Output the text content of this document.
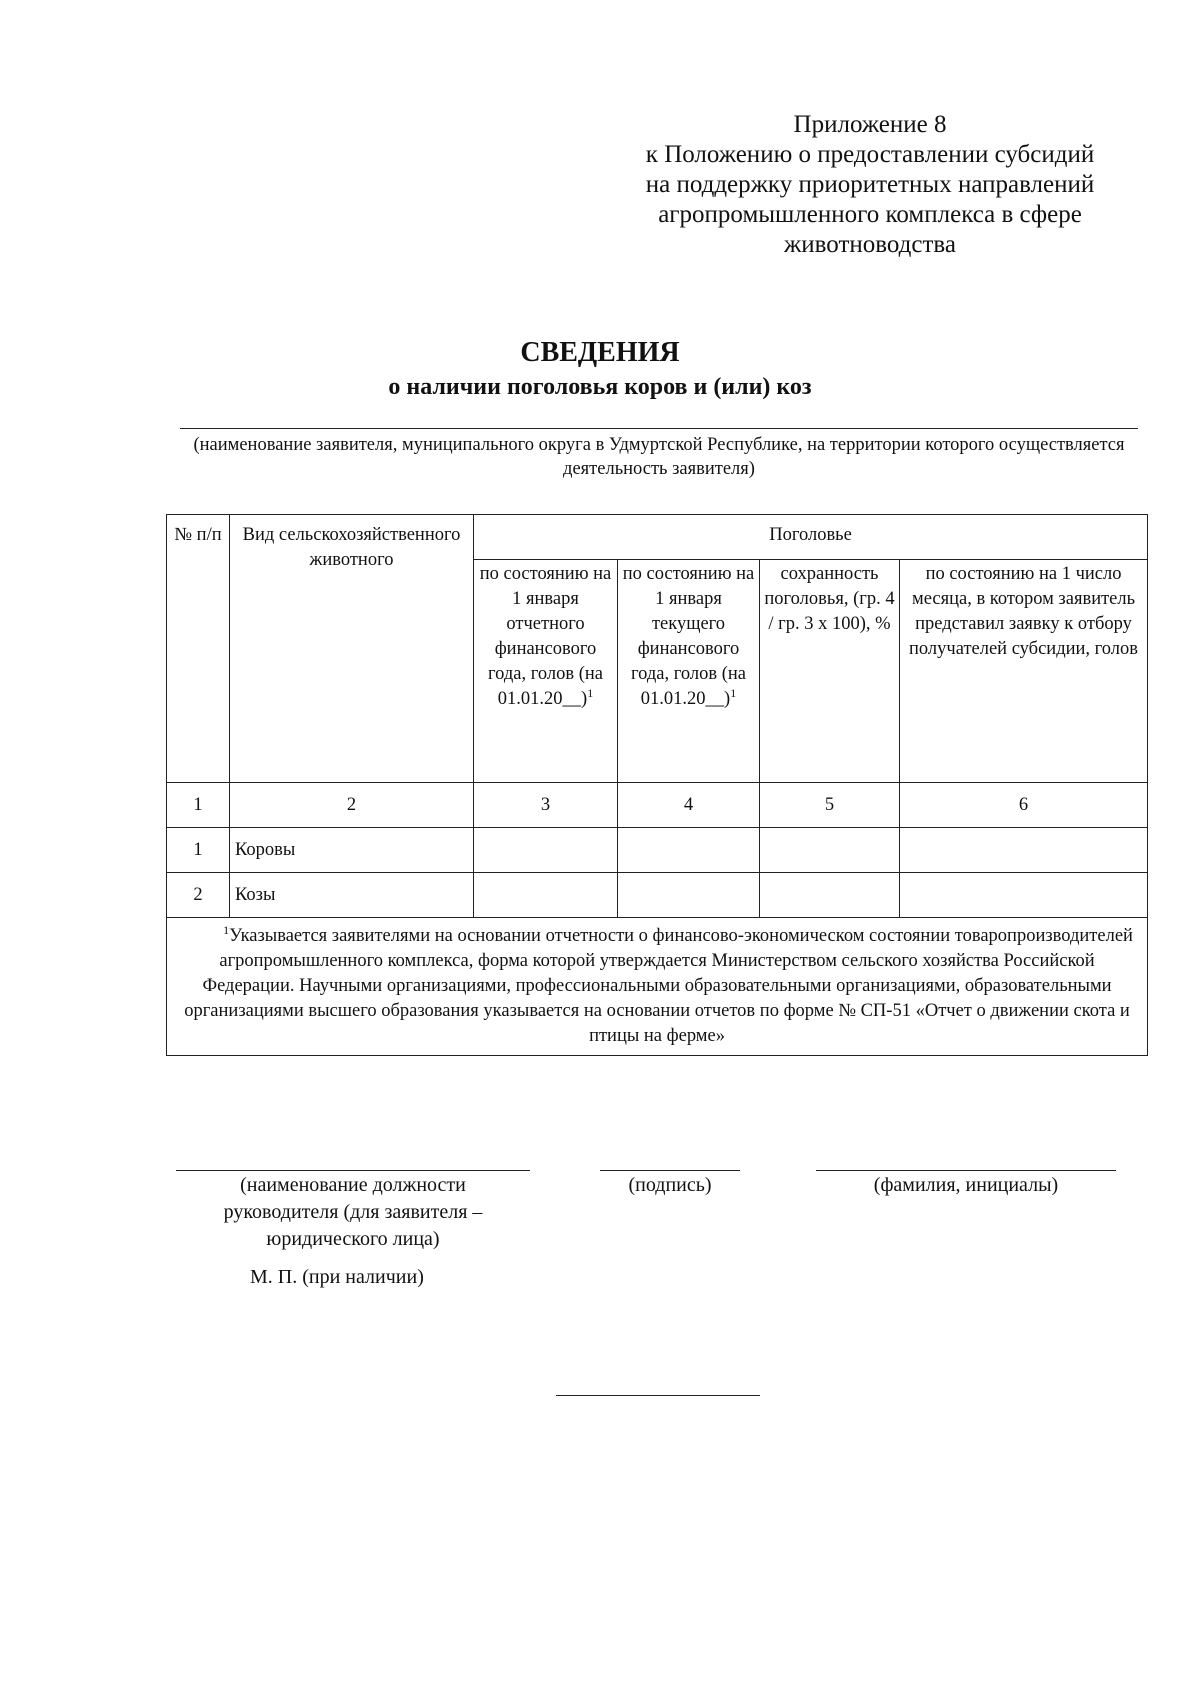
Приложение 8
к Положению о предоставлении субсидий
на поддержку приоритетных направлений
агропромышленного комплекса в сфере
животноводства
СВЕДЕНИЯ
о наличии поголовья коров и (или) коз
(наименование заявителя, муниципального округа в Удмуртской Республике, на территории которого осуществляется деятельность заявителя)
№ п/п	Вид сельскохозяйственного животного	Поголовье			
		по состоянию на 1 января отчетного финансового года, голов (на 01.01.20__)$^1$	по состоянию на 1 января текущего финансового года, голов (на 01.01.20__)$^1$	сохранность поголовья, (гр. 4 / гр. 3 х 100), %	по состоянию на 1 число месяца, в котором заявитель представил заявку к отбору получателей субсидии, голов
1	2	3	4	5	6
1	Коровы				
2	Козы				

$^1$Указывается заявителями на основании отчетности о финансово-экономическом состоянии товаропроизводителей агропромышленного комплекса, форма которой утверждается Министерством сельского хозяйства Российской Федерации. Научными организациями, профессиональными образовательными организациями, образовательными организациями высшего образования указывается на основании отчетов по форме № СП-51 «Отчет о движении скота и птицы на ферме»					

(наименование должности руководителя (для заявителя – юридического лица)
(подпись)	(фамилия, инициалы)
М. П. (при наличии)
